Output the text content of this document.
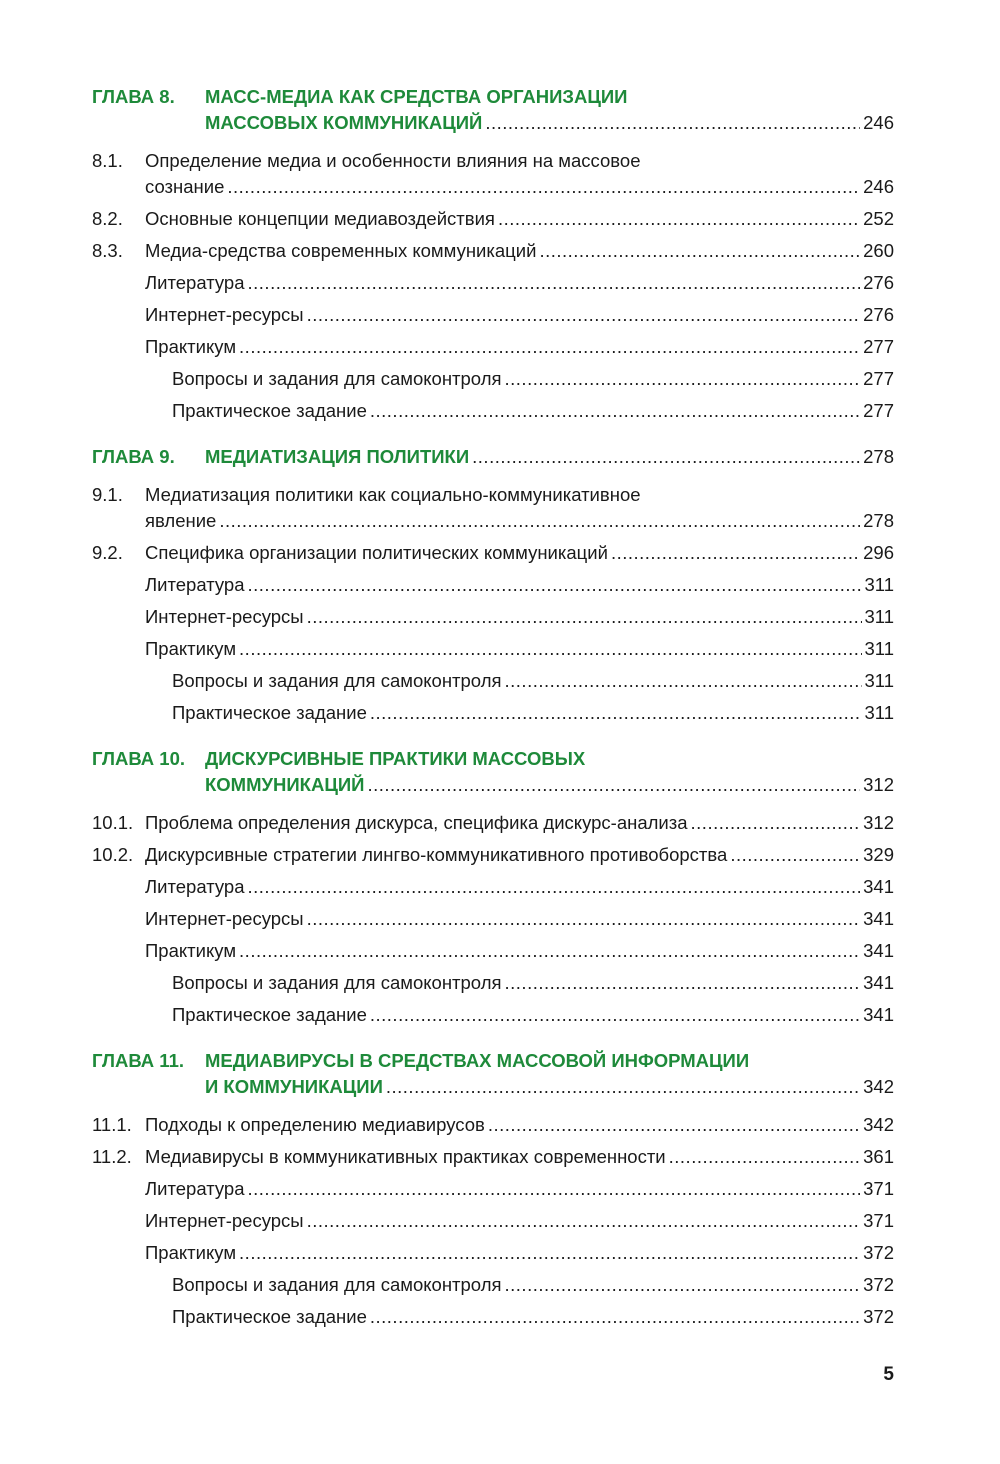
ГЛАВА 8. МАСС-МЕДИА КАК СРЕДСТВА ОРГАНИЗАЦИИ
МАССОВЫХ КОММУНИКАЦИЙ .....	246
8.1. Определение медиа и особенности влияния на массовое
сознание .....	246
8.2. Основные концепции медиавоздействия .....	252
8.3. Медиа-средства современных коммуникаций .....	260
Литература .....	276
Интернет-ресурсы .....	276
Практикум .....	277
Вопросы и задания для самоконтроля .....	277
Практическое задание .....	277
ГЛАВА 9. МЕДИАТИЗАЦИЯ ПОЛИТИКИ .....	278
9.1. Медиатизация политики как социально-коммуникативное
явление .....	278
9.2. Специфика организации политических коммуникаций .....	296
Литература .....	311
Интернет-ресурсы .....	311
Практикум .....	311
Вопросы и задания для самоконтроля .....	311
Практическое задание .....	311
ГЛАВА 10. ДИСКУРСИВНЫЕ ПРАКТИКИ МАССОВЫХ
КОММУНИКАЦИЙ .....	312
10.1. Проблема определения дискурса, специфика дискурс-анализа .....	312
10.2. Дискурсивные стратегии лингво-коммуникативного противоборства .....	329
Литература .....	341
Интернет-ресурсы .....	341
Практикум .....	341
Вопросы и задания для самоконтроля .....	341
Практическое задание .....	341
ГЛАВА 11. МЕДИАВИРУСЫ В СРЕДСТВАХ МАССОВОЙ ИНФОРМАЦИИ
И КОММУНИКАЦИИ .....	342
11.1. Подходы к определению медиавирусов .....	342
11.2. Медиавирусы в коммуникативных практиках современности .....	361
Литература .....	371
Интернет-ресурсы .....	371
Практикум .....	372
Вопросы и задания для самоконтроля .....	372
Практическое задание .....	372
5
